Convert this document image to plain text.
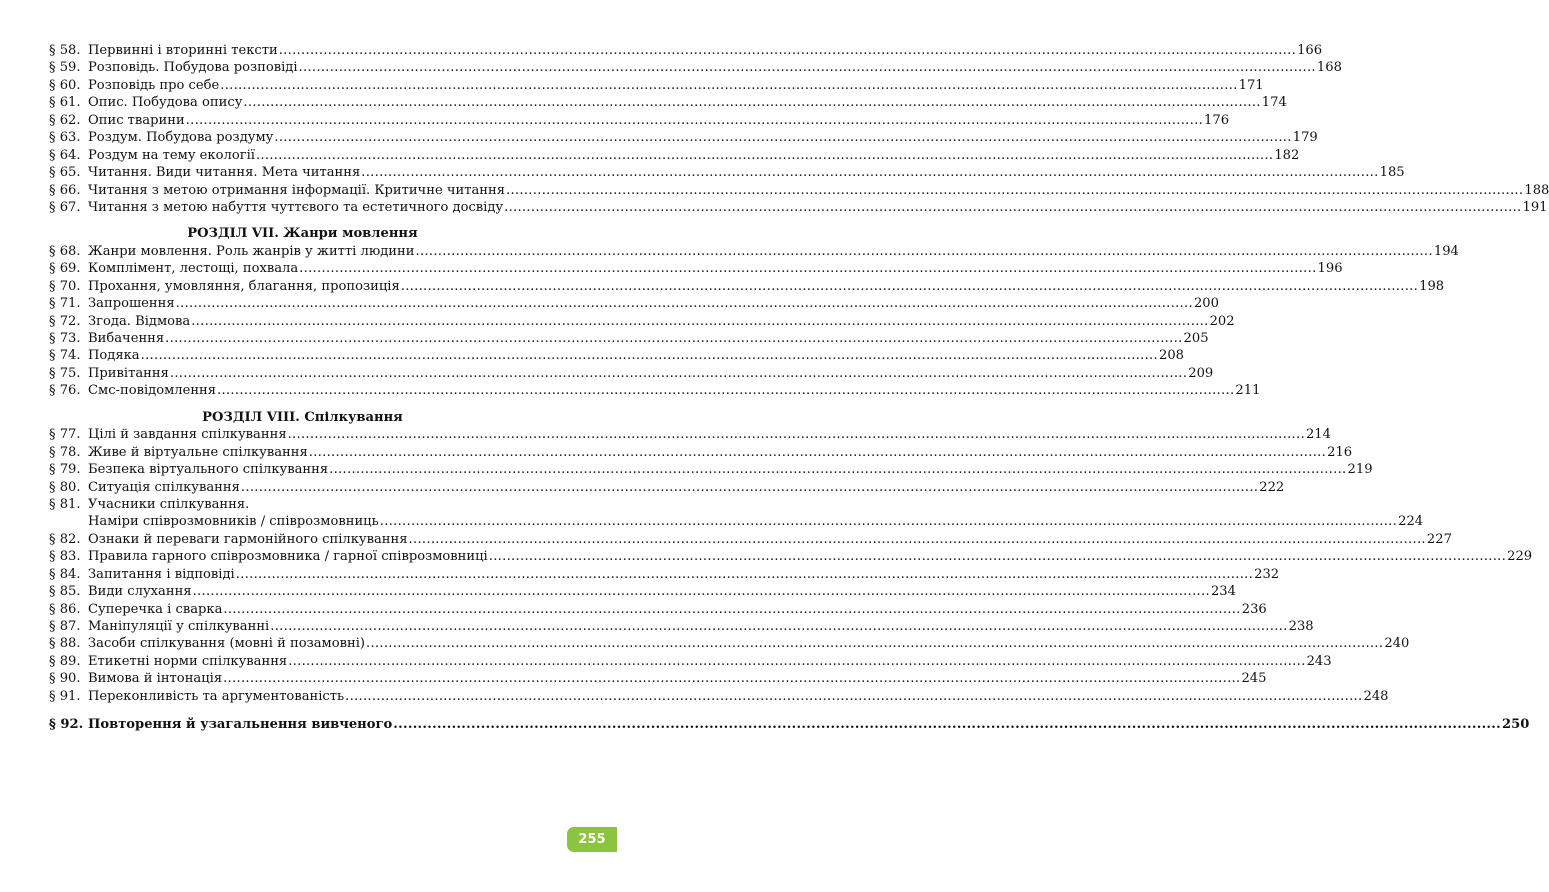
§ 58. Первинні і вторинні тексти .....	166
§ 59. Розповідь. Побудова розповіді .....	168
§ 60. Розповідь про себе .....	171
§ 61. Опис. Побудова опису .....	174
§ 62. Опис тварини .....	176
§ 63. Роздум. Побудова роздуму .....	179
§ 64. Роздум на тему екології .....	182
§ 65. Читання. Види читання. Мета читання .....	185
§ 66. Читання з метою отримання інформації. Критичне читання .....	188
§ 67. Читання з метою набуття чуттєвого та естетичного досвіду .....	191
РОЗДІЛ VII. Жанри мовлення
§ 68. Жанри мовлення. Роль жанрів у житті людини .....	194
§ 69. Комплімент, лестощі, похвала .....	196
§ 70. Прохання, умовляння, благання, пропозиція .....	198
§ 71. Запрошення .....	200
§ 72. Згода. Відмова .....	202
§ 73. Вибачення .....	205
§ 74. Подяка .....	208
§ 75. Привітання .....	209
§ 76. Смс-повідомлення .....	211
РОЗДІЛ VIII. Спілкування
§ 77. Цілі й завдання спілкування .....	214
§ 78. Живе й віртуальне спілкування .....	216
§ 79. Безпека віртуального спілкування .....	219
§ 80. Ситуація спілкування .....	222
§ 81. Учасники спілкування.
Наміри співрозмовників / співрозмовниць .....	224
§ 82. Ознаки й переваги гармонійного спілкування .....	227
§ 83. Правила гарного співрозмовника / гарної співрозмовниці .....	229
§ 84. Запитання і відповіді .....	232
§ 85. Види слухання .....	234
§ 86. Суперечка і сварка .....	236
§ 87. Маніпуляції у спілкуванні .....	238
§ 88. Засоби спілкування (мовні й позамовні) .....	240
§ 89. Етикетні норми спілкування .....	243
§ 90. Вимова й інтонація .....	245
§ 91. Переконливість та аргументованість .....	248
§ 92. Повторення й узагальнення вивченого .....	250
255
